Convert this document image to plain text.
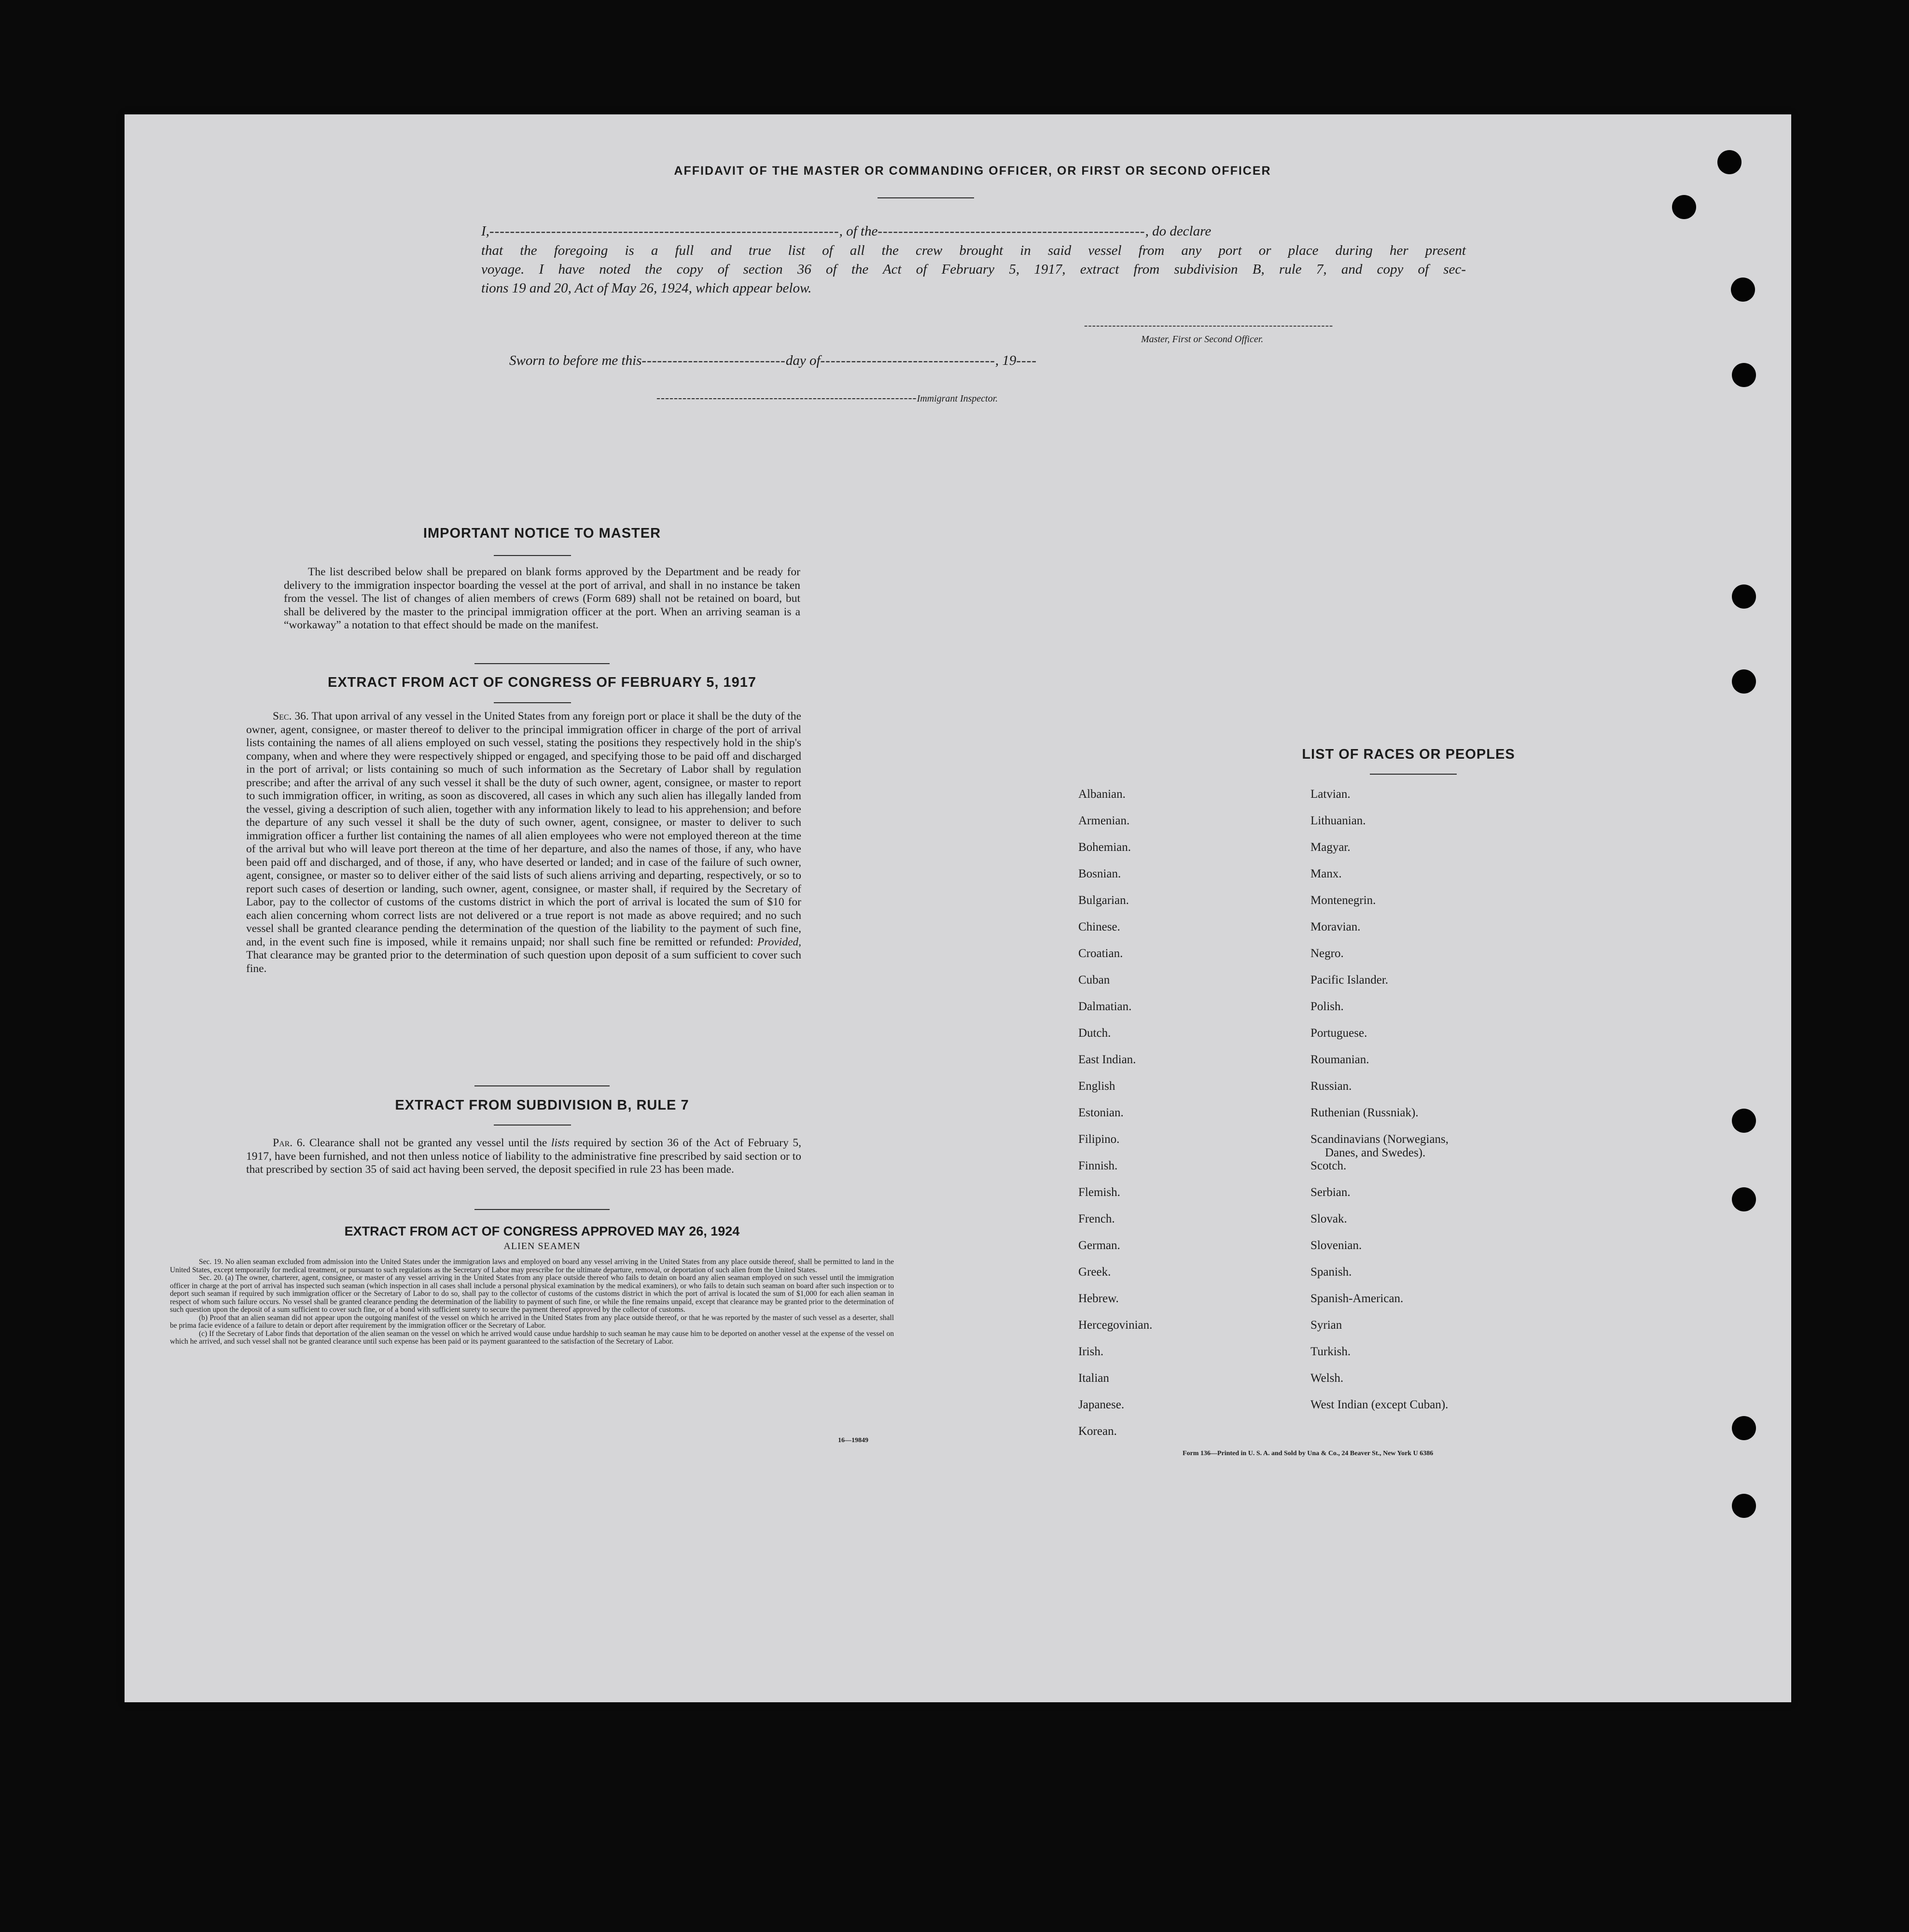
AFFIDAVIT OF THE MASTER OR COMMANDING OFFICER, OR FIRST OR SECOND OFFICER
I,--------------------------------------------------------------------, of the----------------------------------------------------, do declare
that the foregoing is a full and true list of all the crew brought in said vessel from any port or place during her present
voyage. I have noted the copy of section 36 of the Act of February 5, 1917, extract from subdivision B, rule 7, and copy of sec-
tions 19 and 20, Act of May 26, 1924, which appear below.
--------------------------------------------------------------
Master, First or Second Officer.
Sworn to before me this----------------------------day of----------------------------------, 19----
------------------------------------------------------------Immigrant Inspector.
IMPORTANT NOTICE TO MASTER
The list described below shall be prepared on blank forms approved by the Department and be ready for delivery to the immigration inspector boarding the vessel at the port of arrival, and shall in no instance be taken from the vessel. The list of changes of alien members of crews (Form 689) shall not be retained on board, but shall be delivered by the master to the principal immigration officer at the port. When an arriving seaman is a “workaway” a notation to that effect should be made on the manifest.
EXTRACT FROM ACT OF CONGRESS OF FEBRUARY 5, 1917
Sec. 36. That upon arrival of any vessel in the United States from any foreign port or place it shall be the duty of the owner, agent, consignee, or master thereof to deliver to the principal immigration officer in charge of the port of arrival lists containing the names of all aliens employed on such vessel, stating the positions they respectively hold in the ship's company, when and where they were respectively shipped or engaged, and specifying those to be paid off and discharged in the port of arrival; or lists containing so much of such information as the Secretary of Labor shall by regulation prescribe; and after the arrival of any such vessel it shall be the duty of such owner, agent, consignee, or master to report to such immigration officer, in writing, as soon as discovered, all cases in which any such alien has illegally landed from the vessel, giving a description of such alien, together with any information likely to lead to his apprehension; and before the departure of any such vessel it shall be the duty of such owner, agent, consignee, or master to deliver to such immigration officer a further list containing the names of all alien employees who were not employed thereon at the time of the arrival but who will leave port thereon at the time of her departure, and also the names of those, if any, who have been paid off and discharged, and of those, if any, who have deserted or landed; and in case of the failure of such owner, agent, consignee, or master so to deliver either of the said lists of such aliens arriving and departing, respectively, or so to report such cases of desertion or landing, such owner, agent, consignee, or master shall, if required by the Secretary of Labor, pay to the collector of customs of the customs district in which the port of arrival is located the sum of $10 for each alien concerning whom correct lists are not delivered or a true report is not made as above required; and no such vessel shall be granted clearance pending the determination of the question of the liability to the payment of such fine, and, in the event such fine is imposed, while it remains unpaid; nor shall such fine be remitted or refunded: Provided, That clearance may be granted prior to the determination of such question upon deposit of a sum sufficient to cover such fine.
EXTRACT FROM SUBDIVISION B, RULE 7
Par. 6. Clearance shall not be granted any vessel until the lists required by section 36 of the Act of February 5, 1917, have been furnished, and not then unless notice of liability to the administrative fine prescribed by said section or to that prescribed by section 35 of said act having been served, the deposit specified in rule 23 has been made.
EXTRACT FROM ACT OF CONGRESS APPROVED MAY 26, 1924
ALIEN SEAMEN
Sec. 19. No alien seaman excluded from admission into the United States under the immigration laws and employed on board any vessel arriving in the United States from any place outside thereof, shall be permitted to land in the United States, except temporarily for medical treatment, or pursuant to such regulations as the Secretary of Labor may prescribe for the ultimate departure, removal, or deportation of such alien from the United States.
Sec. 20. (a) The owner, charterer, agent, consignee, or master of any vessel arriving in the United States from any place outside thereof who fails to detain on board any alien seaman employed on such vessel until the immigration officer in charge at the port of arrival has inspected such seaman (which inspection in all cases shall include a personal physical examination by the medical examiners), or who fails to detain such seaman on board after such inspection or to deport such seaman if required by such immigration officer or the Secretary of Labor to do so, shall pay to the collector of customs of the customs district in which the port of arrival is located the sum of $1,000 for each alien seaman in respect of whom such failure occurs. No vessel shall be granted clearance pending the determination of the liability to payment of such fine, or while the fine remains unpaid, except that clearance may be granted prior to the determination of such question upon the deposit of a sum sufficient to cover such fine, or of a bond with sufficient surety to secure the payment thereof approved by the collector of customs.
(b) Proof that an alien seaman did not appear upon the outgoing manifest of the vessel on which he arrived in the United States from any place outside thereof, or that he was reported by the master of such vessel as a deserter, shall be prima facie evidence of a failure to detain or deport after requirement by the immigration officer or the Secretary of Labor.
(c) If the Secretary of Labor finds that deportation of the alien seaman on the vessel on which he arrived would cause undue hardship to such seaman he may cause him to be deported on another vessel at the expense of the vessel on which he arrived, and such vessel shall not be granted clearance until such expense has been paid or its payment guaranteed to the satisfaction of the Secretary of Labor.
16—19849
LIST OF RACES OR PEOPLES
Albanian.
Armenian.
Bohemian.
Bosnian.
Bulgarian.
Chinese.
Croatian.
Cuban
Dalmatian.
Dutch.
East Indian.
English
Estonian.
Filipino.
Finnish.
Flemish.
French.
German.
Greek.
Hebrew.
Hercegovinian.
Irish.
Italian
Japanese.
Korean.
Latvian.
Lithuanian.
Magyar.
Manx.
Montenegrin.
Moravian.
Negro.
Pacific Islander.
Polish.
Portuguese.
Roumanian.
Russian.
Ruthenian (Russniak).
Scandinavians (Norwegians,
Scotch.
Serbian.
Slovak.
Slovenian.
Spanish.
Spanish-American.
Syrian
Turkish.
Welsh.
West Indian (except Cuban).
Danes, and Swedes).
Form 136—Printed in U. S. A. and Sold by Una & Co., 24 Beaver St., New York U 6386
